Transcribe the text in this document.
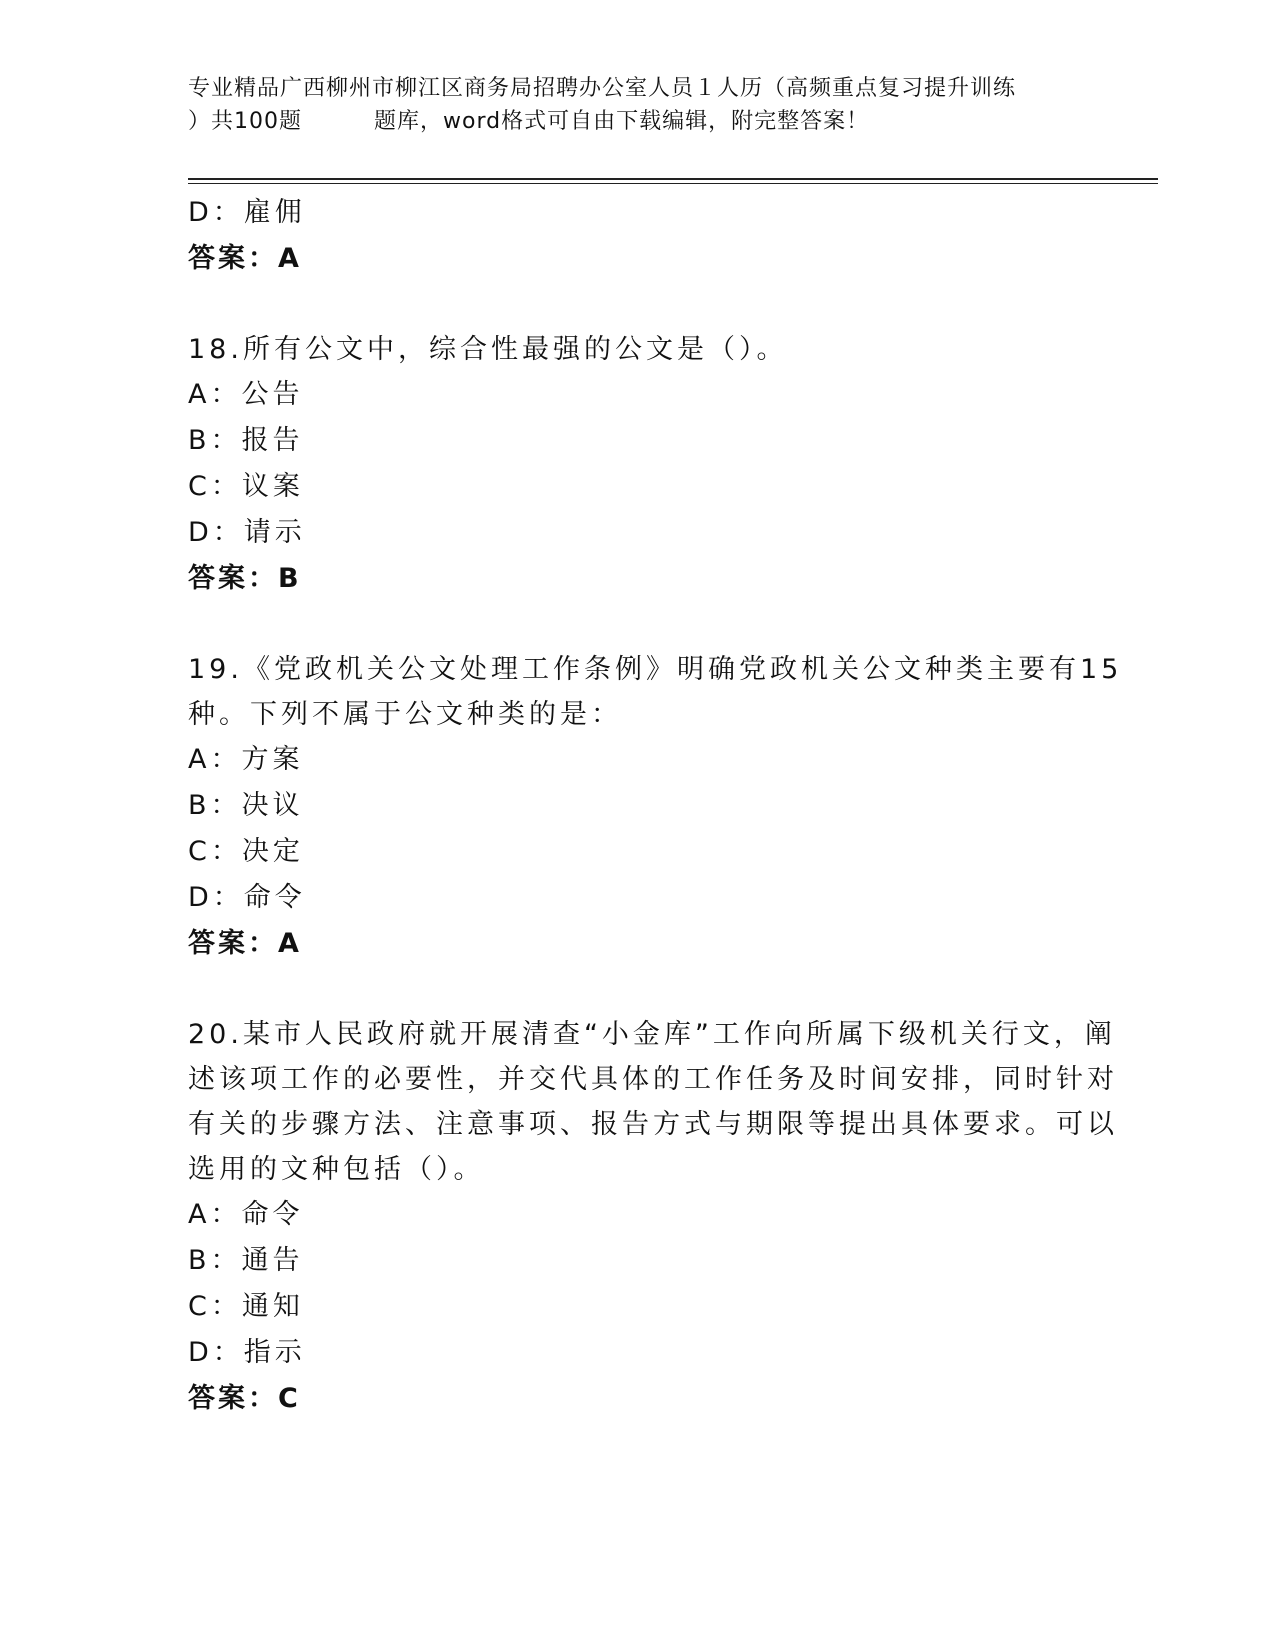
专业精品广西柳州市柳江区商务局招聘办公室人员１人历（高频重点复习提升训练
）共100题	题库，word格式可自由下载编辑，附完整答案！
D：雇佣
答案：A
18.所有公文中，综合性最强的公文是（）。
A：公告
B：报告
C：议案
D：请示
答案：B
19.《党政机关公文处理工作条例》明确党政机关公文种类主要有15
种。下列不属于公文种类的是：
A：方案
B：决议
C：决定
D：命令
答案：A
20.某市人民政府就开展清查“小金库”工作向所属下级机关行文，阐
述该项工作的必要性，并交代具体的工作任务及时间安排，同时针对
有关的步骤方法、注意事项、报告方式与期限等提出具体要求。可以
选用的文种包括（）。
A：命令
B：通告
C：通知
D：指示
答案：C
